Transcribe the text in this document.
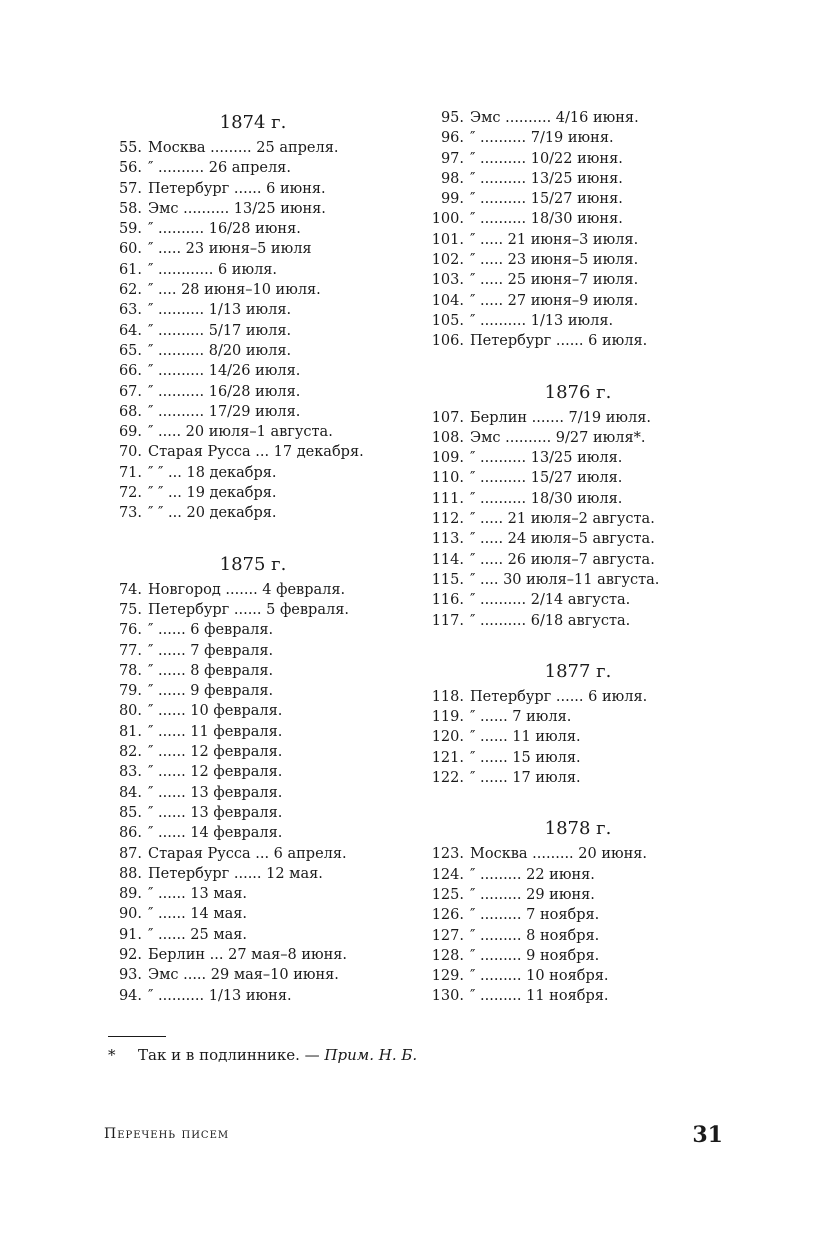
1874 г.
55. Москва ......... 25 апреля.
56. ″ .......... 26 апреля.
57. Петербург ...... 6 июня.
58. Эмс .......... 13/25 июня.
59. ″ .......... 16/28 июня.
60. ″ ..... 23 июня–5 июля
61. ″ ............ 6 июля.
62. ″ .... 28 июня–10 июля.
63. ″ .......... 1/13 июля.
64. ″ .......... 5/17 июля.
65. ″ .......... 8/20 июля.
66. ″ .......... 14/26 июля.
67. ″ .......... 16/28 июля.
68. ″ .......... 17/29 июля.
69. ″ ..... 20 июля–1 августа.
70. Старая Русса ... 17 декабря.
71. ″ ″ ... 18 декабря.
72. ″ ″ ... 19 декабря.
73. ″ ″ ... 20 декабря.
1875 г.
74. Новгород ....... 4 февраля.
75. Петербург ...... 5 февраля.
76. ″ ...... 6 февраля.
77. ″ ...... 7 февраля.
78. ″ ...... 8 февраля.
79. ″ ...... 9 февраля.
80. ″ ...... 10 февраля.
81. ″ ...... 11 февраля.
82. ″ ...... 12 февраля.
83. ″ ...... 12 февраля.
84. ″ ...... 13 февраля.
85. ″ ...... 13 февраля.
86. ″ ...... 14 февраля.
87. Старая Русса ... 6 апреля.
88. Петербург ...... 12 мая.
89. ″ ...... 13 мая.
90. ″ ...... 14 мая.
91. ″ ...... 25 мая.
92. Берлин ... 27 мая–8 июня.
93. Эмс ..... 29 мая–10 июня.
94. ″ .......... 1/13 июня.
95. Эмс .......... 4/16 июня.
96. ″ .......... 7/19 июня.
97. ″ .......... 10/22 июня.
98. ″ .......... 13/25 июня.
99. ″ .......... 15/27 июня.
100. ″ .......... 18/30 июня.
101. ″ ..... 21 июня–3 июля.
102. ″ ..... 23 июня–5 июля.
103. ″ ..... 25 июня–7 июля.
104. ″ ..... 27 июня–9 июля.
105. ″ .......... 1/13 июля.
106. Петербург ...... 6 июля.
1876 г.
107. Берлин ....... 7/19 июля.
108. Эмс .......... 9/27 июля*.
109. ″ .......... 13/25 июля.
110. ″ .......... 15/27 июля.
111. ″ .......... 18/30 июля.
112. ″ ..... 21 июля–2 августа.
113. ″ ..... 24 июля–5 августа.
114. ″ ..... 26 июля–7 августа.
115. ″ .... 30 июля–11 августа.
116. ″ .......... 2/14 августа.
117. ″ .......... 6/18 августа.
1877 г.
118. Петербург ...... 6 июля.
119. ″ ...... 7 июля.
120. ″ ...... 11 июля.
121. ″ ...... 15 июля.
122. ″ ...... 17 июля.
1878 г.
123. Москва ......... 20 июня.
124. ″ ......... 22 июня.
125. ″ ......... 29 июня.
126. ″ ......... 7 ноября.
127. ″ ......... 8 ноября.
128. ″ ......... 9 ноября.
129. ″ ......... 10 ноября.
130. ″ ......... 11 ноября.
* Так и в подлиннике. — Прим. Н. Б.
Перечень писем	31
